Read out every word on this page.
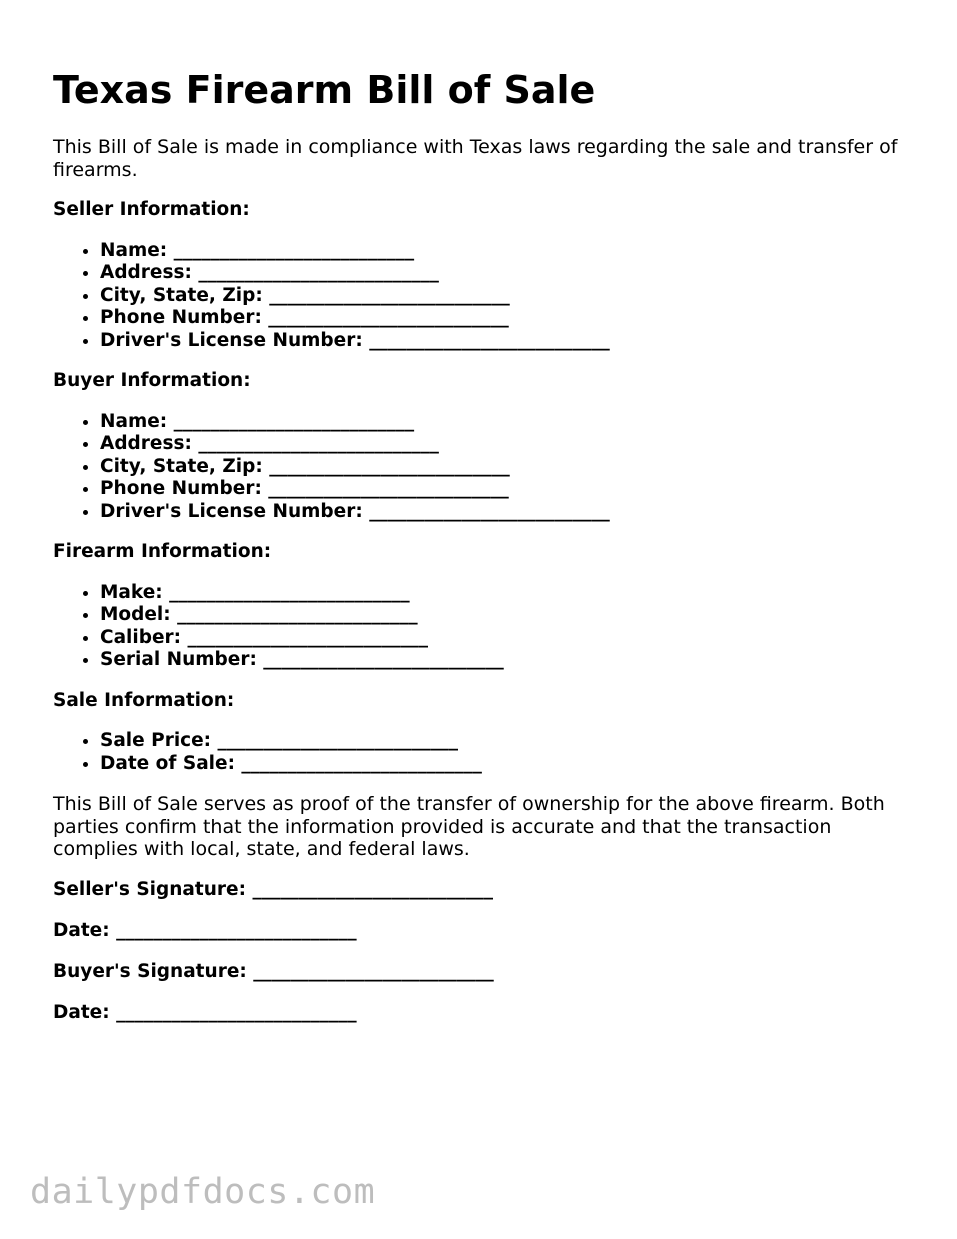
Texas Firearm Bill of Sale

This Bill of Sale is made in compliance with Texas laws regarding the sale and transfer of firearms.

Seller Information:
• Name: __________________________
• Address: __________________________
• City, State, Zip: __________________________
• Phone Number: __________________________
• Driver's License Number: __________________________
Buyer Information:
• Name: __________________________
• Address: __________________________
• City, State, Zip: __________________________
• Phone Number: __________________________
• Driver's License Number: __________________________
Firearm Information:
• Make: __________________________
• Model: __________________________
• Caliber: __________________________
• Serial Number: __________________________
Sale Information:
• Sale Price: __________________________
• Date of Sale: __________________________

This Bill of Sale serves as proof of the transfer of ownership for the above firearm. Both parties confirm that the information provided is accurate and that the transaction complies with local, state, and federal laws.

Seller's Signature: __________________________
Date: __________________________
Buyer's Signature: __________________________
Date: __________________________
dailypdfdocs.com
